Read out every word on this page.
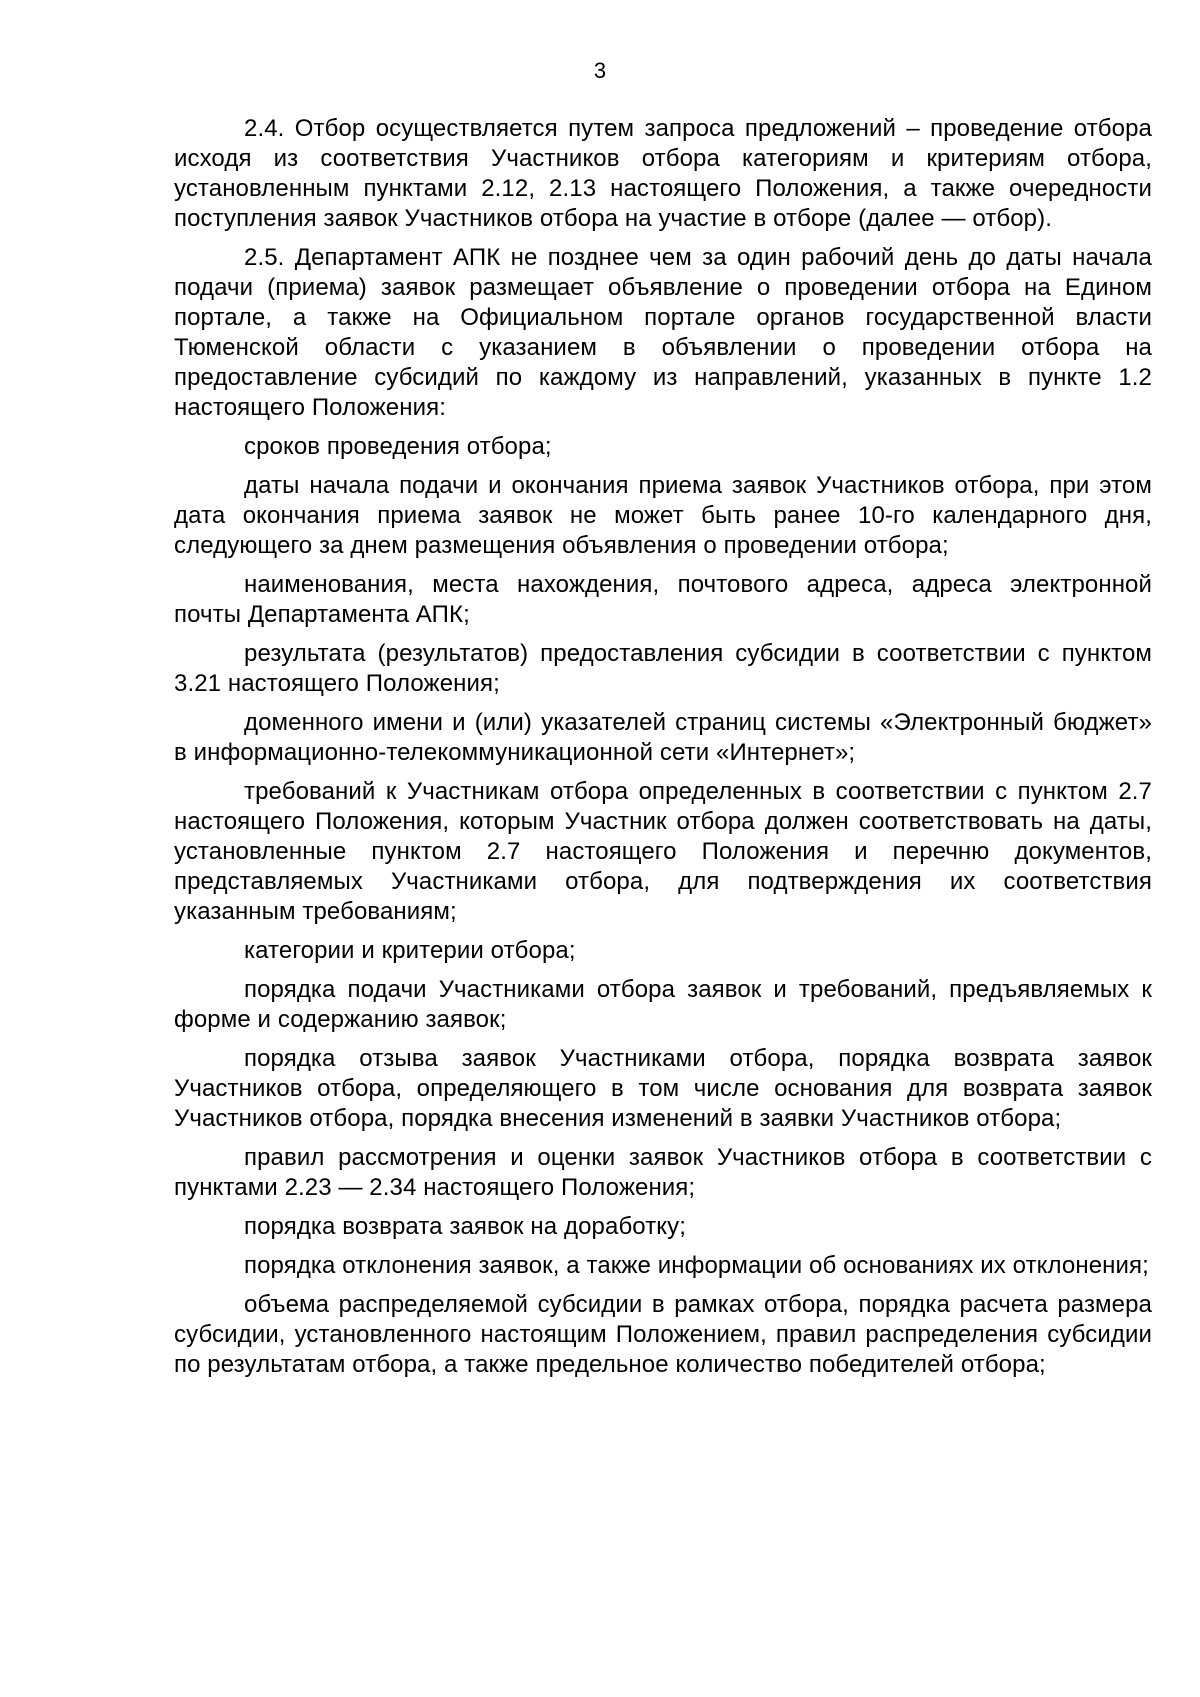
3

2.4. Отбор осуществляется путем запроса предложений – проведение отбора исходя из соответствия Участников отбора категориям и критериям отбора, установленным пунктами 2.12, 2.13 настоящего Положения, а также очередности поступления заявок Участников отбора на участие в отборе (далее — отбор).

2.5. Департамент АПК не позднее чем за один рабочий день до даты начала подачи (приема) заявок размещает объявление о проведении отбора на Едином портале, а также на Официальном портале органов государственной власти Тюменской области с указанием в объявлении о проведении отбора на предоставление субсидий по каждому из направлений, указанных в пункте 1.2 настоящего Положения:

сроков проведения отбора;

даты начала подачи и окончания приема заявок Участников отбора, при этом дата окончания приема заявок не может быть ранее 10-го календарного дня, следующего за днем размещения объявления о проведении отбора;

наименования, места нахождения, почтового адреса, адреса электронной почты Департамента АПК;

результата (результатов) предоставления субсидии в соответствии с пунктом 3.21 настоящего Положения;

доменного имени и (или) указателей страниц системы «Электронный бюджет» в информационно-телекоммуникационной сети «Интернет»;

требований к Участникам отбора определенных в соответствии с пунктом 2.7 настоящего Положения, которым Участник отбора должен соответствовать на даты, установленные пунктом 2.7 настоящего Положения и перечню документов, представляемых Участниками отбора, для подтверждения их соответствия указанным требованиям;

категории и критерии отбора;

порядка подачи Участниками отбора заявок и требований, предъявляемых к форме и содержанию заявок;

порядка отзыва заявок Участниками отбора, порядка возврата заявок Участников отбора, определяющего в том числе основания для возврата заявок Участников отбора, порядка внесения изменений в заявки Участников отбора;

правил рассмотрения и оценки заявок Участников отбора в соответствии с пунктами 2.23 — 2.34 настоящего Положения;

порядка возврата заявок на доработку;

порядка отклонения заявок, а также информации об основаниях их отклонения;

объема распределяемой субсидии в рамках отбора, порядка расчета размера субсидии, установленного настоящим Положением, правил распределения субсидии по результатам отбора, а также предельное количество победителей отбора;
